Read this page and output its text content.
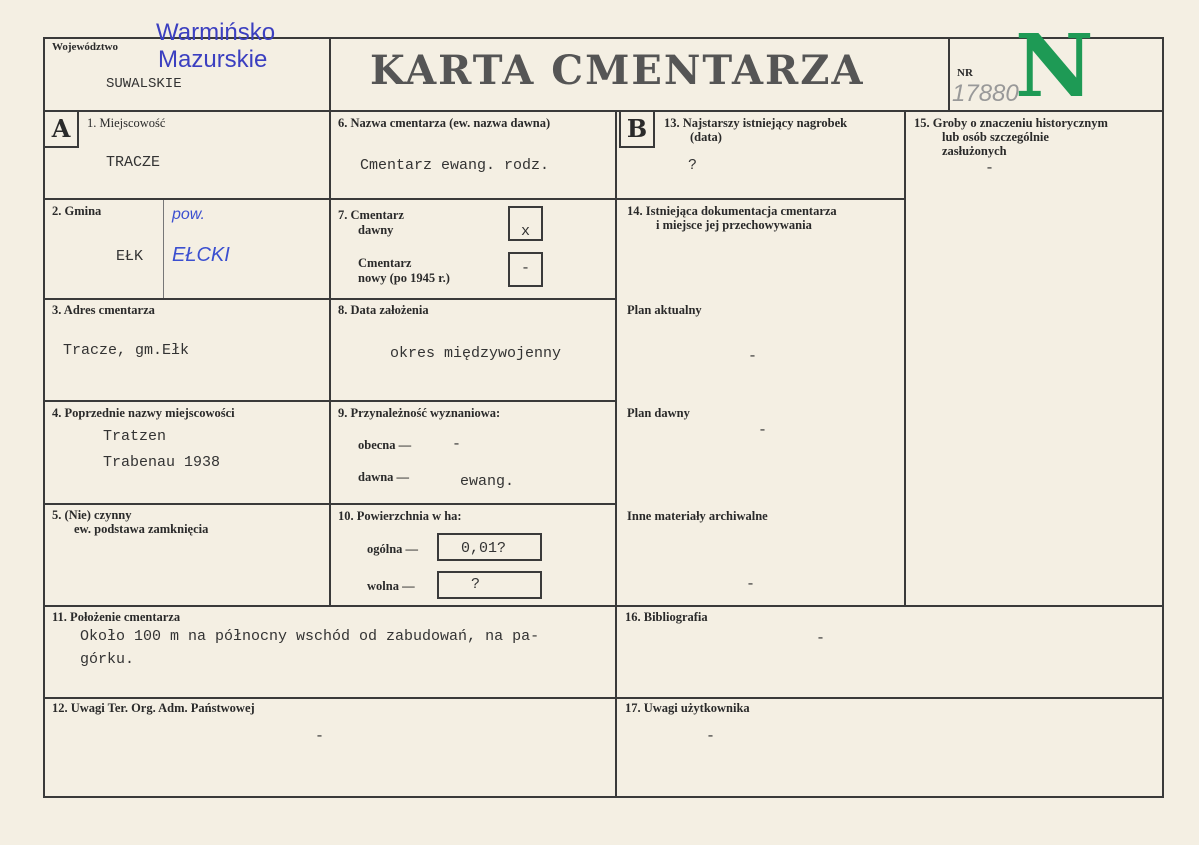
A	B
Województwo
SUWALSKIE
Warmińsko
Mazurskie	KARTA CMENTARZA	NR
17880
N
1. Miejscowość
TRACZE
2. Gmina
EŁK
pow.
EŁCKI
3. Adres cmentarza
Tracze, gm.Ełk
4. Poprzednie nazwy miejscowości
Tratzen
Trabenau 1938
5. (Nie) czynny
ew. podstawa zamknięcia
6. Nazwa cmentarza (ew. nazwa dawna)
Cmentarz ewang. rodz.
7. Cmentarz
dawny	x
Cmentarz
nowy (po 1945 r.)
-
8. Data założenia
okres międzywojenny
9. Przynależność wyznaniowa:
obecna —	-
dawna —	ewang.
10. Powierzchnia w ha:
ogólna —	0,01?
wolna —	?
13. Najstarszy istniejący nagrobek
(data)
?
14. Istniejąca dokumentacja cmentarza
i miejsce jej przechowywania
Plan aktualny
-
Plan dawny
-
Inne materiały archiwalne
-
15. Groby o znaczeniu historycznym
lub osób szczególnie
zasłużonych
-
11. Położenie cmentarza
Około 100 m na północny wschód od zabudowań, na pa-
górku.
16. Bibliografia
-
12. Uwagi Ter. Org. Adm. Państwowej
-
17. Uwagi użytkownika
-
